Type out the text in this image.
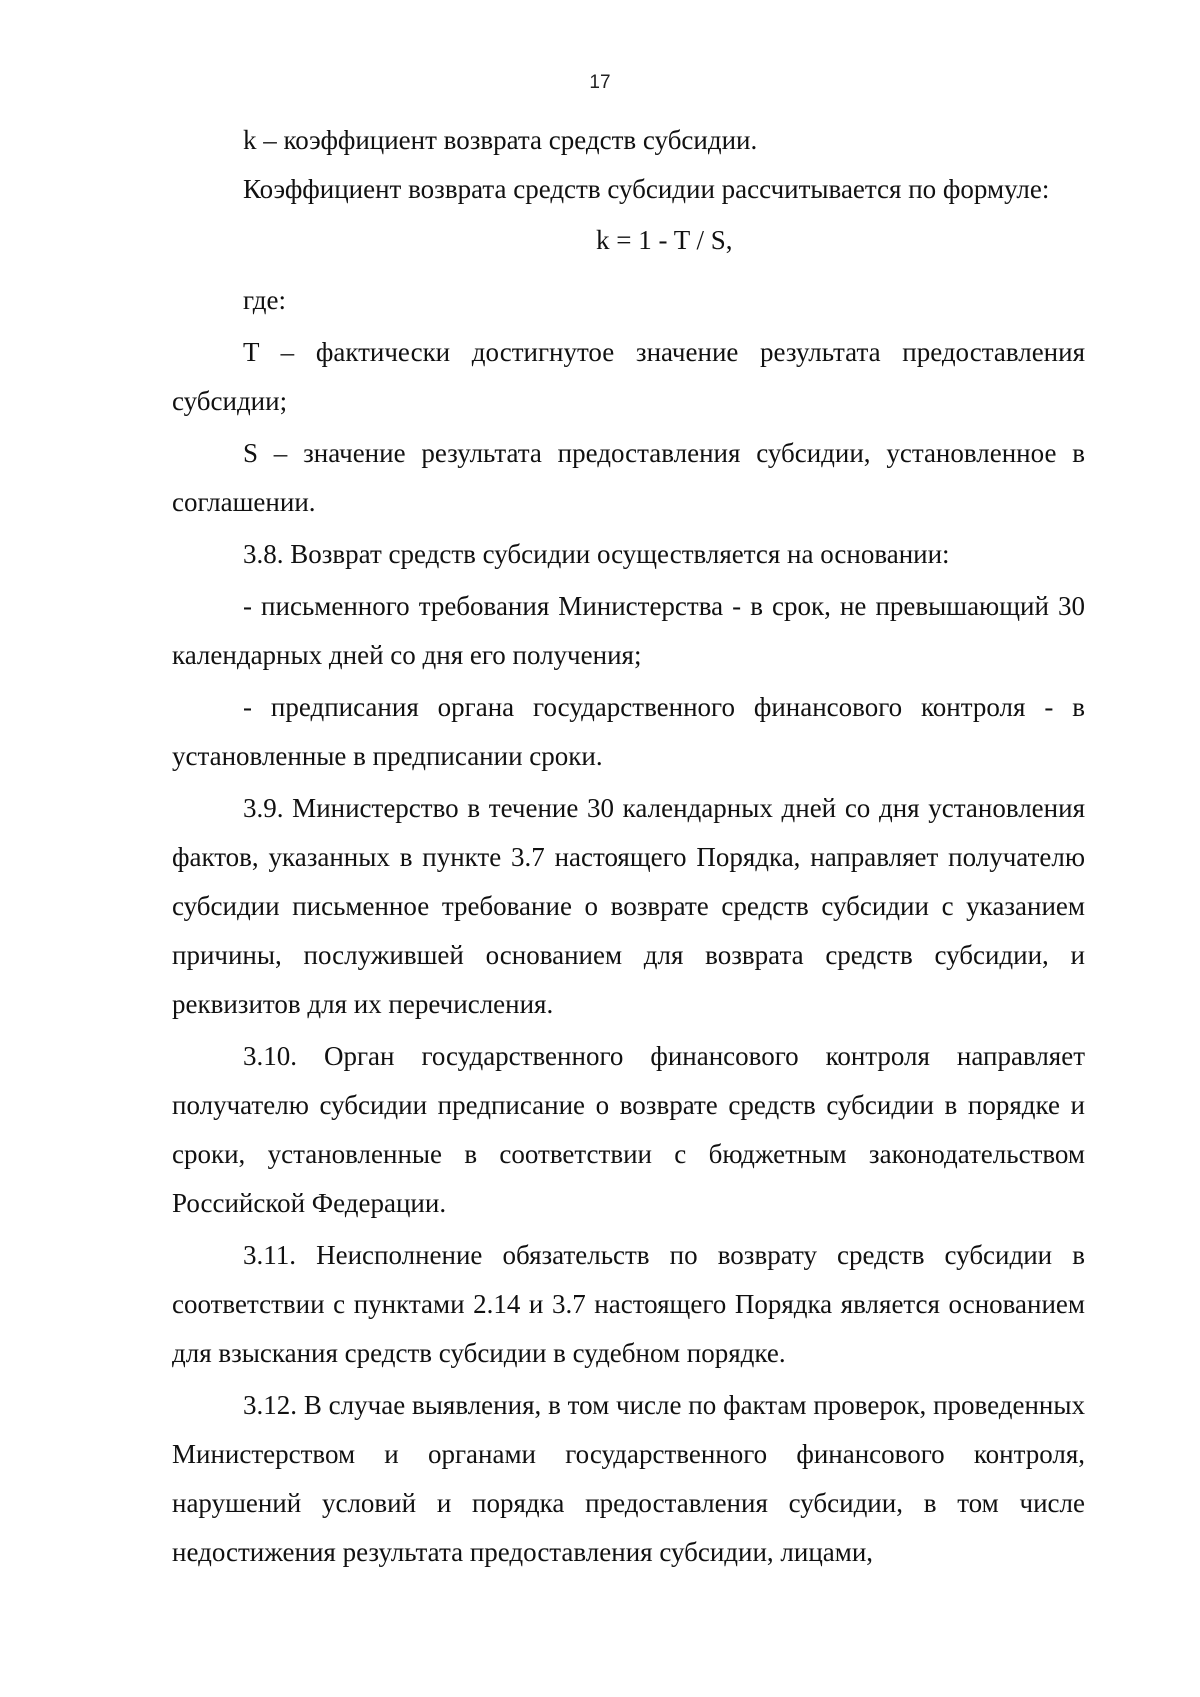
17

k – коэффициент возврата средств субсидии.

Коэффициент возврата средств субсидии рассчитывается по формуле:

k = 1 - T / S,

где:

T – фактически достигнутое значение результата предоставления субсидии;

S – значение результата предоставления субсидии, установленное в соглашении.

3.8. Возврат средств субсидии осуществляется на основании:

- письменного требования Министерства - в срок, не превышающий 30 календарных дней со дня его получения;

- предписания органа государственного финансового контроля - в установленные в предписании сроки.

3.9. Министерство в течение 30 календарных дней со дня установления фактов, указанных в пункте 3.7 настоящего Порядка, направляет получателю субсидии письменное требование о возврате средств субсидии с указанием причины, послужившей основанием для возврата средств субсидии, и реквизитов для их перечисления.

3.10. Орган государственного финансового контроля направляет получателю субсидии предписание о возврате средств субсидии в порядке и сроки, установленные в соответствии с бюджетным законодательством Российской Федерации.

3.11. Неисполнение обязательств по возврату средств субсидии в соответствии с пунктами 2.14 и 3.7 настоящего Порядка является основанием для взыскания средств субсидии в судебном порядке.

3.12. В случае выявления, в том числе по фактам проверок, проведенных Министерством и органами государственного финансового контроля, нарушений условий и порядка предоставления субсидии, в том числе недостижения результата предоставления субсидии, лицами,
